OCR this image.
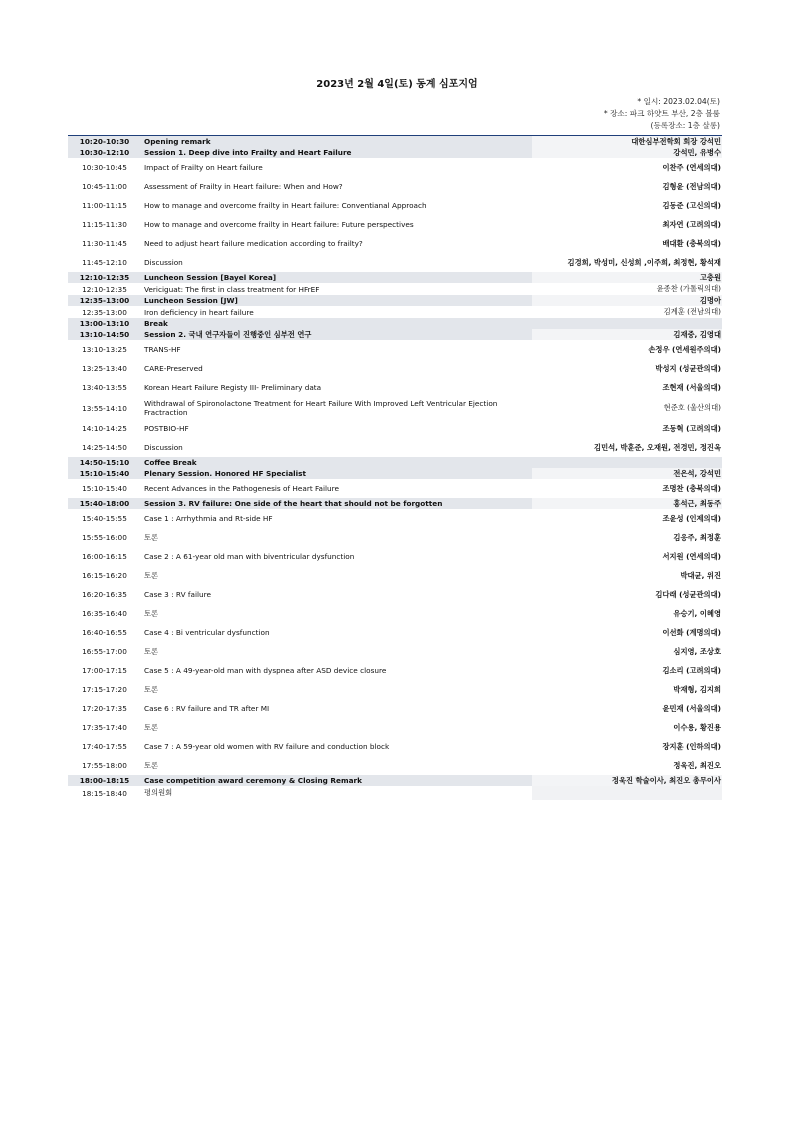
2023년 2월 4일(토) 동계 심포지엄
* 일시: 2023.02.04(토)
* 장소: 파크 하얏트 부산, 2층 볼룸
(등록장소: 1층 살롱)
10:20-10:30	Opening remark	대한심부전학회 회장 강석민
10:30-12:10	Session 1. Deep dive into Frailty and Heart Failure	강석민, 유병수
10:30-10:45	Impact of Frailty on Heart failure	이찬주 (연세의대)
10:45-11:00	Assessment of Frailty in Heart failure: When and How?	김형윤 (전남의대)
11:00-11:15	How to manage and overcome frailty in Heart failure: Conventianal Approach	김동준 (고신의대)
11:15-11:30	How to manage and overcome frailty in Heart failure: Future perspectives	최자연 (고려의대)
11:30-11:45	Need to adjust heart failure medication according to frailty?	배대환 (충북의대)
11:45-12:10	Discussion	김경희, 박성미, 신성희 ,이주희, 최정현, 황석재
12:10-12:35	Luncheon Session [Bayel Korea]	고충원
12:10-12:35	Vericiguat: The first in class treatment for HFrEF	윤종찬 (가톨릭의대)
12:35-13:00	Luncheon Session [JW]	김명아
12:35-13:00	Iron deficiency in heart failure	김계훈 (전남의대)
13:00-13:10	Break	
13:10-14:50	Session 2. 국내 연구자들이 진행중인 심부전 연구	김재중, 김영대
13:10-13:25	TRANS-HF	손정우 (연세원주의대)
13:25-13:40	CARE-Preserved	박성지 (성균관의대)
13:40-13:55	Korean Heart Failure Registy III- Preliminary data	조현재 (서울의대)
13:55-14:10	Withdrawal of Spironolactone Treatment for Heart Failure With Improved Left Ventricular Ejection Fractraction	현준호 (울산의대)
14:10-14:25	POSTBIO-HF	조동혁 (고려의대)
14:25-14:50	Discussion	김민석, 박훈준, 오재원, 전경민, 정진옥
14:50-15:10	Coffee Break	
15:10-15:40	Plenary Session. Honored HF Specialist	전은석, 강석민
15:10-15:40	Recent Advances in the Pathogenesis of Heart Failure	조명찬 (충북의대)
15:40-18:00	Session 3. RV failure: One side of the heart that should not be forgotten	홍석근, 최동주
15:40-15:55	Case 1 : Arrhythmia and Rt-side HF	조윤성 (인제의대)
15:55-16:00	토론	김응주, 최정훈
16:00-16:15	Case 2 : A 61-year old man with biventricular dysfunction	서지원 (연세의대)
16:15-16:20	토론	박대균, 위진
16:20-16:35	Case 3 : RV failure	김다래 (성균관의대)
16:35-16:40	토론	유승기, 이혜영
16:40-16:55	Case 4 : Bi ventricular dysfunction	이선화 (계명의대)
16:55-17:00	토론	심지영, 조상호
17:00-17:15	Case 5 : A 49-year-old man with dyspnea after ASD device closure	김소리 (고려의대)
17:15-17:20	토론	박재형, 김지희
17:20-17:35	Case 6 : RV failure and TR after MI	윤민재 (서울의대)
17:35-17:40	토론	이수용, 황진용
17:40-17:55	Case 7 : A 59-year old women with RV failure and conduction block	장지훈 (인하의대)
17:55-18:00	토론	정욱진, 최진오
18:00-18:15	Case competition award ceremony & Closing Remark	정욱진 학술이사, 최진오 총무이사
18:15-18:40	평의원회	
